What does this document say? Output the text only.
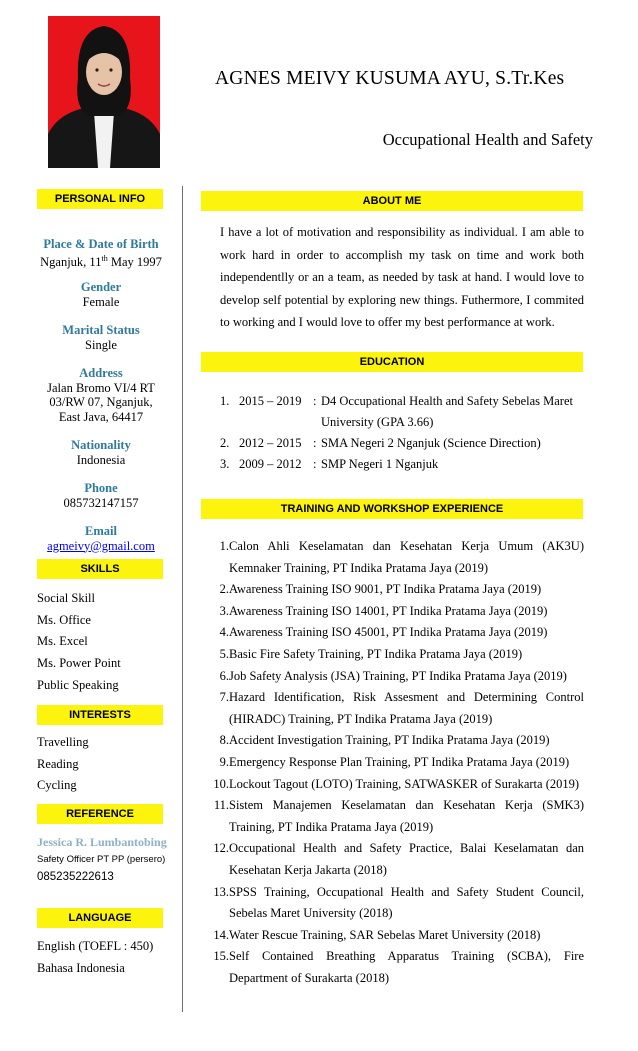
AGNES MEIVY KUSUMA AYU, S.Tr.Kes
Occupational Health and Safety
PERSONAL INFO
Place & Date of Birth
Nganjuk, 11th May 1997
Gender
Female
Marital Status
Single
Address
Jalan Bromo VI/4 RT
03/RW 07, Nganjuk,
East Java, 64417
Nationality
Indonesia
Phone
085732147157
Email
agmeivy@gmail.com
SKILLS
Social Skill
Ms. Office
Ms. Excel
Ms. Power Point
Public Speaking
INTERESTS
Travelling
Reading
Cycling
REFERENCE
Jessica R. Lumbantobing
Safety Officer PT PP (persero)
085235222613
LANGUAGE
English (TOEFL : 450)
Bahasa Indonesia
ABOUT ME
I have a lot of motivation and responsibility as individual. I am able to work hard in order to accomplish my task on time and work both independentlly or an a team, as needed by task at hand. I would love to develop self potential by exploring new things. Futhermore, I commited to working and I would love to offer my best performance at work.
EDUCATION
1. 2015 – 2019 : D4 Occupational Health and Safety Sebelas Maret University (GPA 3.66)
2. 2012 – 2015 : SMA Negeri 2 Nganjuk (Science Direction)
3. 2009 – 2012 : SMP Negeri 1 Nganjuk
TRAINING AND WORKSHOP EXPERIENCE
1. Calon Ahli Keselamatan dan Kesehatan Kerja Umum (AK3U) Kemnaker Training, PT Indika Pratama Jaya (2019)
2. Awareness Training ISO 9001, PT Indika Pratama Jaya (2019)
3. Awareness Training ISO 14001, PT Indika Pratama Jaya (2019)
4. Awareness Training ISO 45001, PT Indika Pratama Jaya (2019)
5. Basic Fire Safety Training, PT Indika Pratama Jaya (2019)
6. Job Safety Analysis (JSA) Training, PT Indika Pratama Jaya (2019)
7. Hazard Identification, Risk Assesment and Determining Control (HIRADC) Training, PT Indika Pratama Jaya (2019)
8. Accident Investigation Training, PT Indika Pratama Jaya (2019)
9. Emergency Response Plan Training, PT Indika Pratama Jaya (2019)
10. Lockout Tagout (LOTO) Training, SATWASKER of Surakarta (2019)
11. Sistem Manajemen Keselamatan dan Kesehatan Kerja (SMK3) Training, PT Indika Pratama Jaya (2019)
12. Occupational Health and Safety Practice, Balai Keselamatan dan Kesehatan Kerja Jakarta (2018)
13. SPSS Training, Occupational Health and Safety Student Council, Sebelas Maret University (2018)
14. Water Rescue Training, SAR Sebelas Maret University (2018)
15. Self Contained Breathing Apparatus Training (SCBA), Fire Department of Surakarta (2018)
